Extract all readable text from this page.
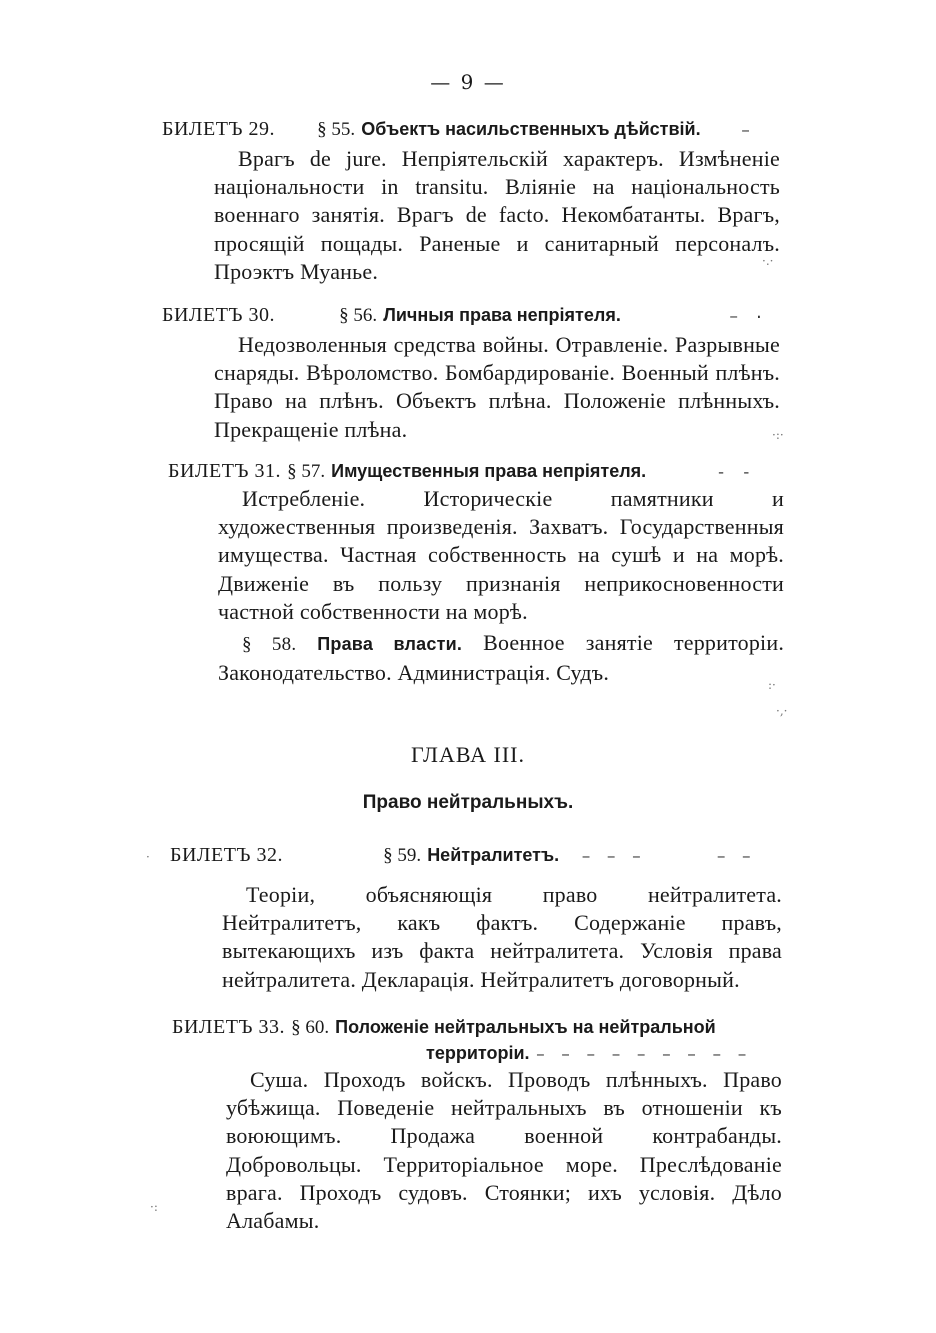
— 9 —
БИЛЕТЪ 29. § 55. Объектъ насильственныхъ дѣйствій.	–
Врагъ de jure. Непріятельскій характеръ. Измѣненіе національности in transitu. Вліяніе на національность военнаго занятія. Врагъ de facto. Некомбатанты. Врагъ, просящій пощады. Раненые и санитарный персоналъ. Проэктъ Муанье.
БИЛЕТЪ 30.	§ 56. Личныя права непріятеля.	– ·
Недозволенныя средства войны. Отравленіе. Разрывные снаряды. Вѣроломство. Бомбардированіе. Военный плѣнъ. Право на плѣнъ. Объектъ плѣна. Положеніе плѣнныхъ. Прекращеніе плѣна.
БИЛЕТЪ 31. § 57. Имущественныя права непріятеля.	- -
Истребленіе. Историческіе памятники и художественныя произведенія. Захватъ. Государственныя имущества. Частная собственность на сушѣ и на морѣ. Движеніе въ пользу признанія неприкосновенности частной собственности на морѣ.
§ 58. Права власти. Военное занятіе территоріи. Законодательство. Администрація. Судъ.
ГЛАВА III.
Право нейтральныхъ.
БИЛЕТЪ 32.	§ 59. Нейтралитетъ. – – –	– –
Теоріи, объясняющія право нейтралитета. Нейтралитетъ, какъ фактъ. Содержаніе правъ, вытекающихъ изъ факта нейтралитета. Условія права нейтралитета. Декларація. Нейтралитетъ договорный.
БИЛЕТЪ 33. § 60. Положеніе нейтральныхъ на нейтральной
территоріи. – – – – – – – – –
Суша. Проходъ войскъ. Проводъ плѣнныхъ. Право убѣжища. Поведеніе нейтральныхъ въ отношеніи къ воюющимъ. Продажа военной контрабанды. Добровольцы. Территоріальное море. Преслѣдованіе врага. Проходъ судовъ. Стоянки; ихъ условія. Дѣло Алабамы.
·.·
·:·
:·
·,·
·
·:
